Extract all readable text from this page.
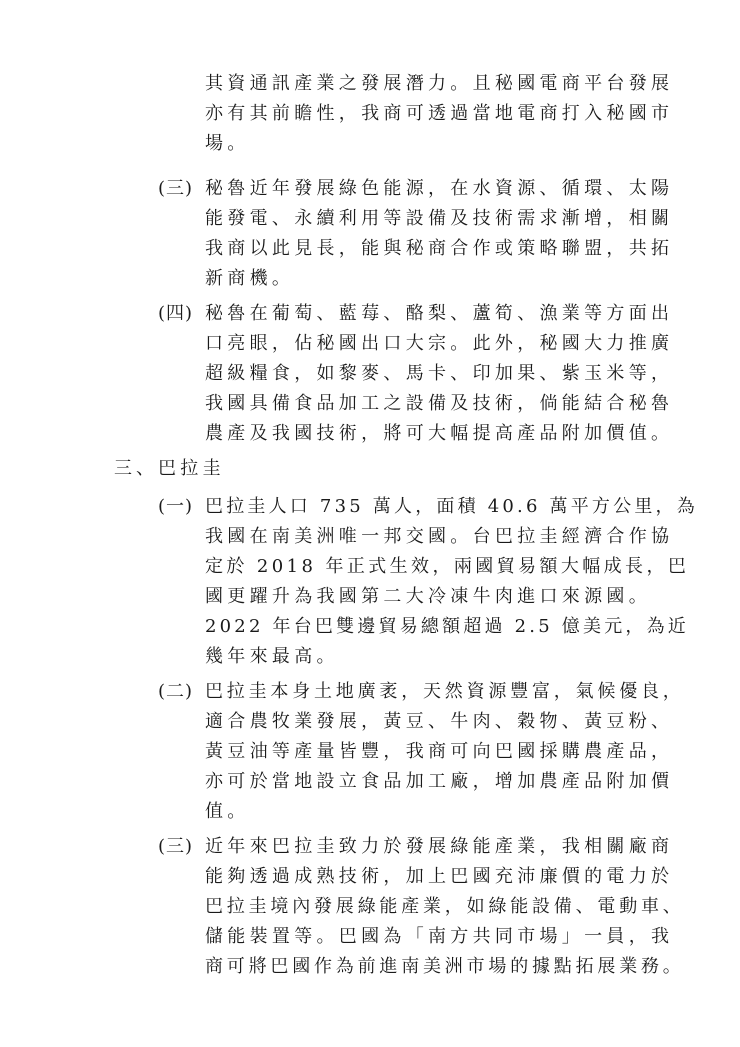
其資通訊產業之發展潛力。且秘國電商平台發展
亦有其前瞻性，我商可透過當地電商打入秘國市
場。
(三) 秘魯近年發展綠色能源，在水資源、循環、太陽
能發電、永續利用等設備及技術需求漸增，相關
我商以此見長，能與秘商合作或策略聯盟，共拓
新商機。
(四) 秘魯在葡萄、藍莓、酪梨、蘆筍、漁業等方面出
口亮眼，佔秘國出口大宗。此外，秘國大力推廣
超級糧食，如黎麥、馬卡、印加果、紫玉米等，
我國具備食品加工之設備及技術，倘能結合秘魯
農產及我國技術，將可大幅提高產品附加價值。
三、 巴拉圭
(一) 巴拉圭人口 735 萬人，面積 40.6 萬平方公里，為
我國在南美洲唯一邦交國。台巴拉圭經濟合作協
定於 2018 年正式生效，兩國貿易額大幅成長，巴
國更躍升為我國第二大冷凍牛肉進口來源國。
2022 年台巴雙邊貿易總額超過 2.5 億美元，為近
幾年來最高。
(二) 巴拉圭本身土地廣袤，天然資源豐富，氣候優良，
適合農牧業發展，黃豆、牛肉、穀物、黃豆粉、
黃豆油等產量皆豐，我商可向巴國採購農產品，
亦可於當地設立食品加工廠，增加農產品附加價
值。
(三) 近年來巴拉圭致力於發展綠能產業，我相關廠商
能夠透過成熟技術，加上巴國充沛廉價的電力於
巴拉圭境內發展綠能產業，如綠能設備、電動車、
儲能裝置等。巴國為「南方共同市場」一員，我
商可將巴國作為前進南美洲市場的據點拓展業務。
